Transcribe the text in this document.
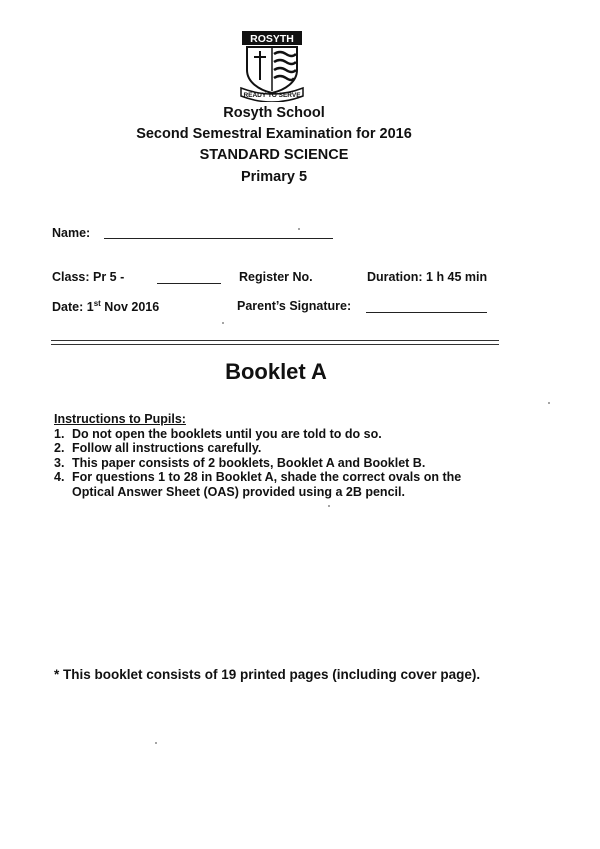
ROSYTH
READY TO SERVE
Rosyth School
Second Semestral Examination for 2016
STANDARD SCIENCE
Primary 5
Name:
Class: Pr 5 -	Register No.	Duration: 1 h 45 min
Date: 1st Nov 2016	Parent’s Signature:
Booklet A
Instructions to Pupils:
1. Do not open the booklets until you are told to do so.
2. Follow all instructions carefully.
3. This paper consists of 2 booklets, Booklet A and Booklet B.
4. For questions 1 to 28 in Booklet A, shade the correct ovals on the Optical Answer Sheet (OAS) provided using a 2B pencil.
* This booklet consists of 19 printed pages (including cover page).
